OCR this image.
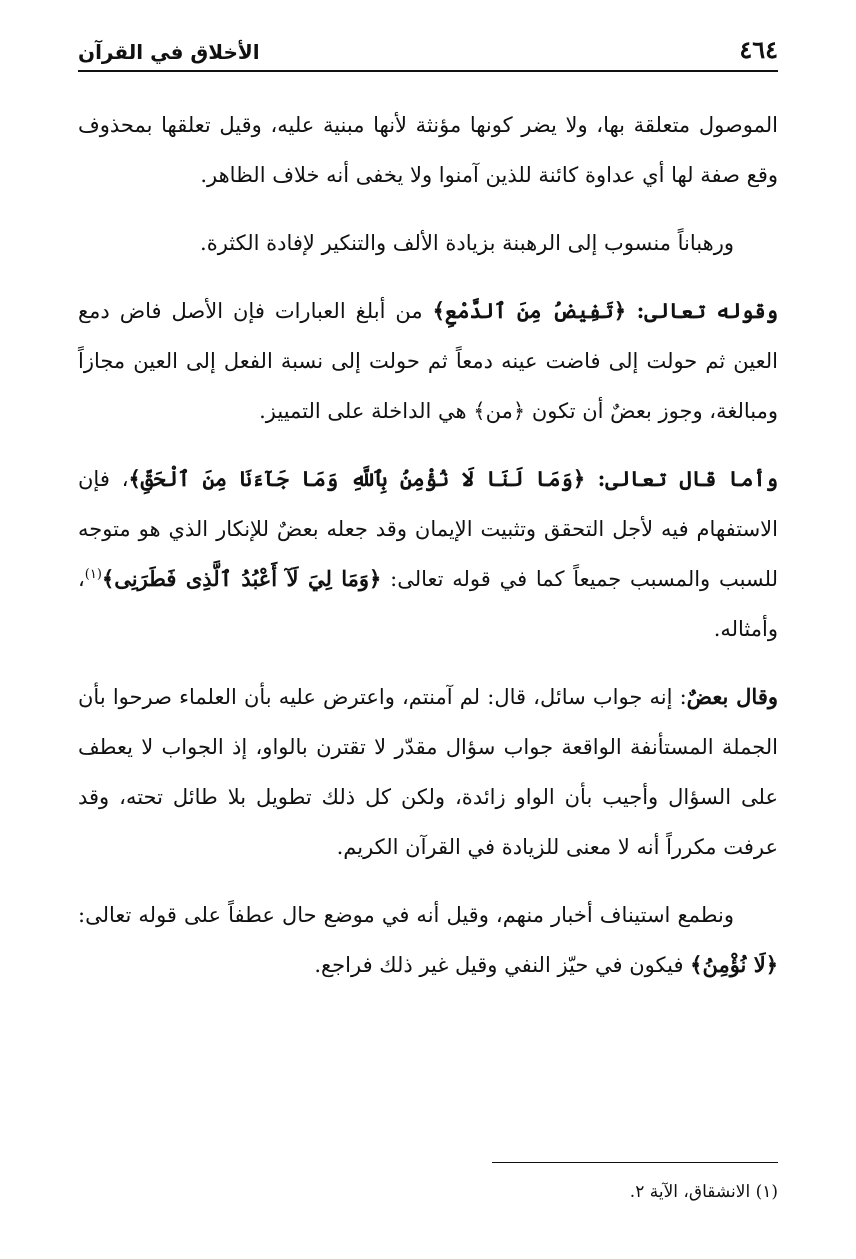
٤٦٤
الأخلاق في القرآن

الموصول متعلقة بها، ولا يضر كونها مؤنثة لأنها مبنية عليه، وقيل تعلقها بمحذوف وقع صفة لها أي عداوة كائنة للذين آمنوا ولا يخفى أنه خلاف الظاهر.

ورهباناً منسوب إلى الرهبنة بزيادة الألف والتنكير لإفادة الكثرة.

وقوله تعالى: ﴿تَفِيضُ مِنَ ٱلدَّمْعِ﴾ من أبلغ العبارات فإن الأصل فاض دمع العين ثم حولت إلى فاضت عينه دمعاً ثم حولت إلى نسبة الفعل إلى العين مجازاً ومبالغة، وجوز بعضٌ أن تكون ﴿من﴾ هي الداخلة على التمييز.

وأما قال تعالى: ﴿وَمَا لَنَا لَا نُؤْمِنُ بِٱللَّهِ وَمَا جَآءَنَا مِنَ ٱلْحَقِّ﴾، فإن الاستفهام فيه لأجل التحقق وتثبيت الإيمان وقد جعله بعضٌ للإنكار الذي هو متوجه للسبب والمسبب جميعاً كما في قوله تعالى: ﴿وَمَا لِيَ لَآ أَعْبُدُ ٱلَّذِى فَطَرَنِى﴾$^{(١)}$، وأمثاله.

وقال بعضٌ: إنه جواب سائل، قال: لم آمنتم، واعترض عليه بأن العلماء صرحوا بأن الجملة المستأنفة الواقعة جواب سؤال مقدّر لا تقترن بالواو، إذ الجواب لا يعطف على السؤال وأجيب بأن الواو زائدة، ولكن كل ذلك تطويل بلا طائل تحته، وقد عرفت مكرراً أنه لا معنى للزيادة في القرآن الكريم.

ونطمع استيناف أخبار منهم، وقيل أنه في موضع حال عطفاً على قوله تعالى: ﴿لَا نُؤْمِنُ﴾ فيكون في حيّز النفي وقيل غير ذلك فراجع.

(١) الانشقاق، الآية ٢.
